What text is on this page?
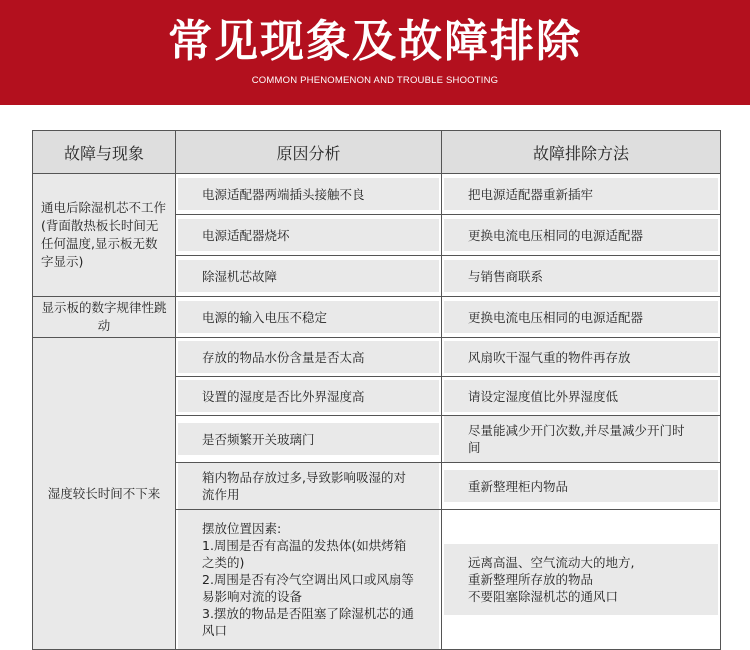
常见现象及故障排除
COMMON PHENOMENON AND TROUBLE SHOOTING
故障与现象	原因分析	故障排除方法

通电后除湿机芯不工作(背面散热板长时间无任何温度,显示板无数字显示)	电源适配器两端插头接触不良	把电源适配器重新插牢

电源适配器烧坏	更换电流电压相同的电源适配器

除湿机芯故障	与销售商联系

显示板的数字规律性跳动	电源的输入电压不稳定	更换电流电压相同的电源适配器

湿度较长时间不下来	存放的物品水份含量是否太高	风扇吹干湿气重的物件再存放

设置的湿度是否比外界湿度高	请设定湿度值比外界湿度低

是否频繁开关玻璃门	尽量能减少开门次数,并尽量减少开门时间

箱内物品存放过多,导致影响吸湿的对流作用	重新整理柜内物品

摆放位置因素:
1.周围是否有高温的发热体(如烘烤箱之类的)
2.周围是否有冷气空调出风口或风扇等易影响对流的设备
3.摆放的物品是否阻塞了除湿机芯的通风口	远离高温、空气流动大的地方,
重新整理所存放的物品
不要阻塞除湿机芯的通风口
